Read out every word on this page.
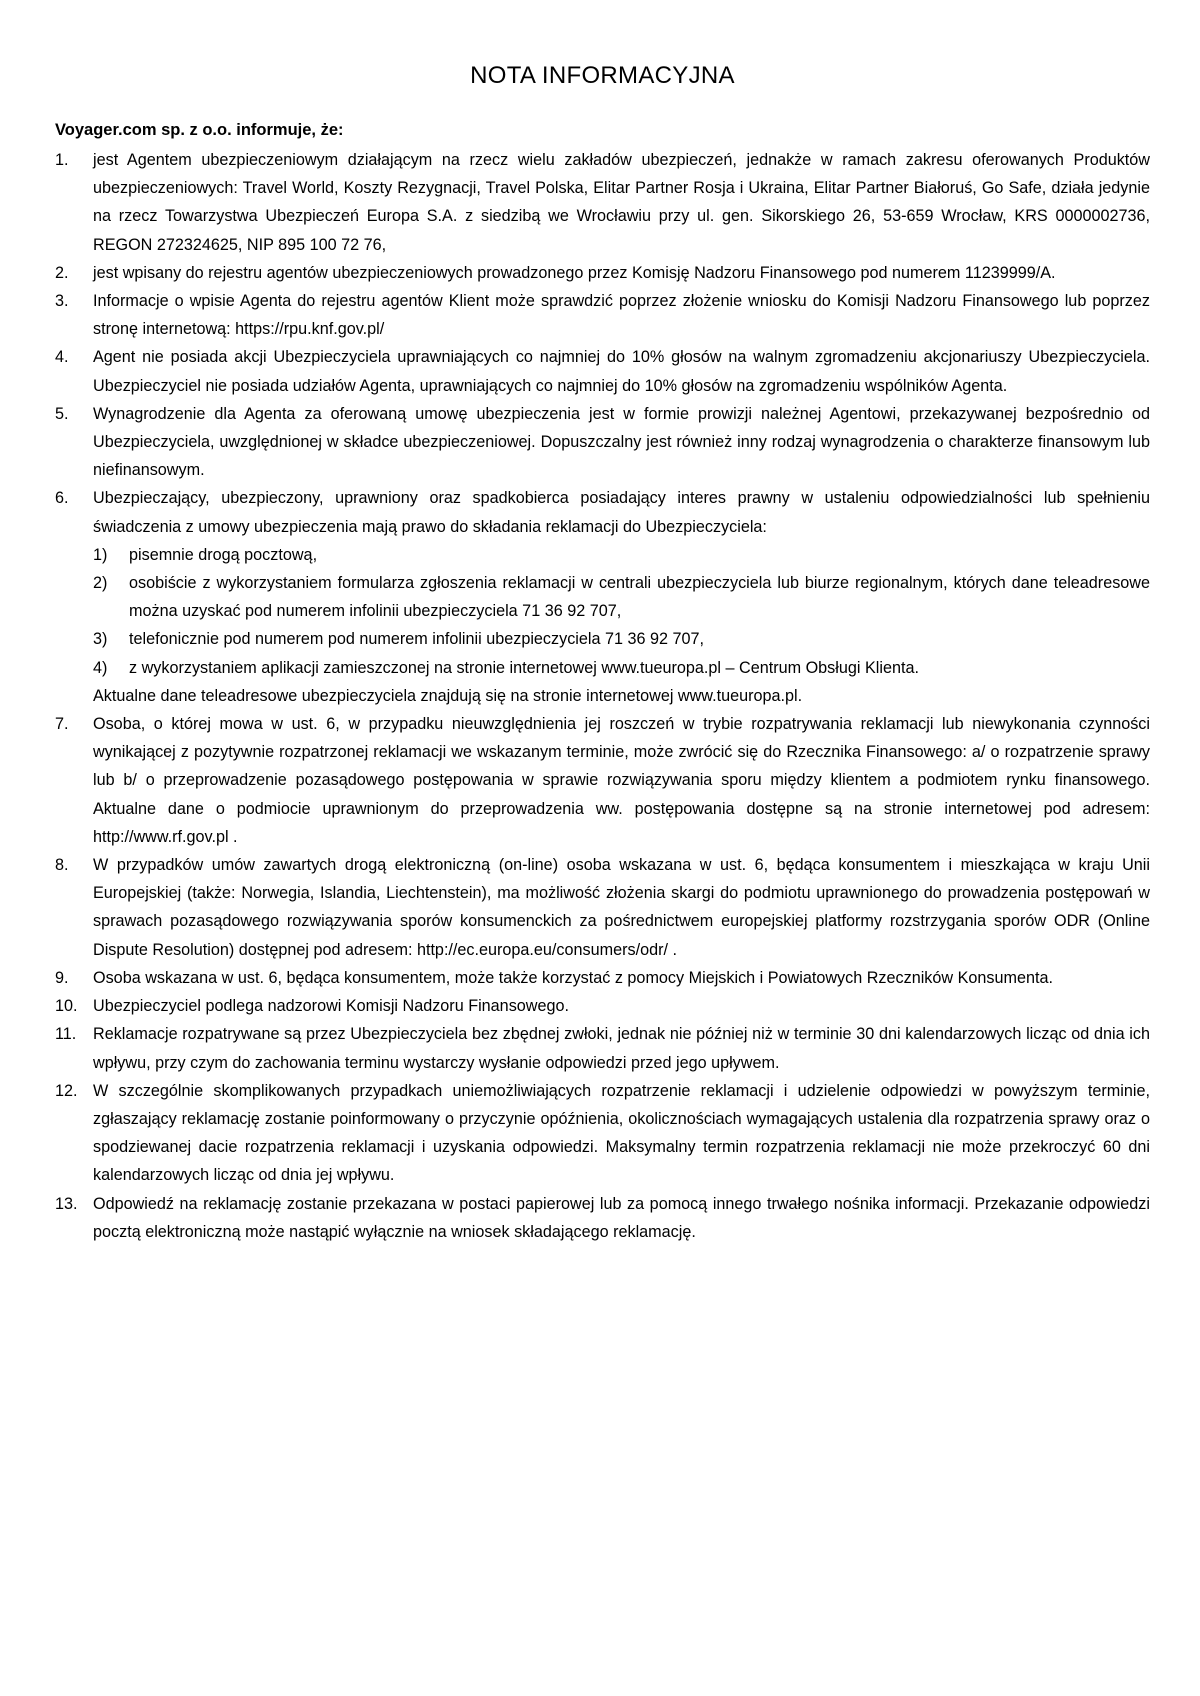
NOTA INFORMACYJNA
Voyager.com sp. z o.o. informuje, że:
1.	jest Agentem ubezpieczeniowym działającym na rzecz wielu zakładów ubezpieczeń, jednakże w ramach zakresu oferowanych Produktów ubezpieczeniowych: Travel World, Koszty Rezygnacji, Travel Polska, Elitar Partner Rosja i Ukraina, Elitar Partner Białoruś, Go Safe, działa jedynie na rzecz Towarzystwa Ubezpieczeń Europa S.A. z siedzibą we Wrocławiu przy ul. gen. Sikorskiego 26, 53-659 Wrocław, KRS 0000002736, REGON 272324625, NIP 895 100 72 76,

2.	jest wpisany do rejestru agentów ubezpieczeniowych prowadzonego przez Komisję Nadzoru Finansowego pod numerem 11239999/A.

3.	Informacje o wpisie Agenta do rejestru agentów Klient może sprawdzić poprzez złożenie wniosku do Komisji Nadzoru Finansowego lub poprzez stronę internetową: https://rpu.knf.gov.pl/

4.	Agent nie posiada akcji Ubezpieczyciela uprawniających co najmniej do 10% głosów na walnym zgromadzeniu akcjonariuszy Ubezpieczyciela. Ubezpieczyciel nie posiada udziałów Agenta, uprawniających co najmniej do 10% głosów na zgromadzeniu wspólników Agenta.

5.	Wynagrodzenie dla Agenta za oferowaną umowę ubezpieczenia jest w formie prowizji należnej Agentowi, przekazywanej bezpośrednio od Ubezpieczyciela, uwzględnionej w składce ubezpieczeniowej. Dopuszczalny jest również inny rodzaj wynagrodzenia o charakterze finansowym lub niefinansowym.

6.	Ubezpieczający, ubezpieczony, uprawniony oraz spadkobierca posiadający interes prawny w ustaleniu odpowiedzialności lub spełnieniu świadczenia z umowy ubezpieczenia mają prawo do składania reklamacji do Ubezpieczyciela:

1)	pisemnie drogą pocztową,
2)	osobiście z wykorzystaniem formularza zgłoszenia reklamacji w centrali ubezpieczyciela lub biurze regionalnym, których dane teleadresowe można uzyskać pod numerem infolinii ubezpieczyciela 71 36 92 707,
3)	telefonicznie pod numerem pod numerem infolinii ubezpieczyciela 71 36 92 707,
4)	z wykorzystaniem aplikacji zamieszczonej na stronie internetowej www.tueuropa.pl – Centrum Obsługi Klienta.

Aktualne dane teleadresowe ubezpieczyciela znajdują się na stronie internetowej www.tueuropa.pl.

7.	Osoba, o której mowa w ust. 6, w przypadku nieuwzględnienia jej roszczeń w trybie rozpatrywania reklamacji lub niewykonania czynności wynikającej z pozytywnie rozpatrzonej reklamacji we wskazanym terminie, może zwrócić się do Rzecznika Finansowego: a/ o rozpatrzenie sprawy lub b/ o przeprowadzenie pozasądowego postępowania w sprawie rozwiązywania sporu między klientem a podmiotem rynku finansowego. Aktualne dane o podmiocie uprawnionym do przeprowadzenia ww. postępowania dostępne są na stronie internetowej pod adresem: http://www.rf.gov.pl .

8.	W przypadków umów zawartych drogą elektroniczną (on-line) osoba wskazana w ust. 6, będąca konsumentem i mieszkająca w kraju Unii Europejskiej (także: Norwegia, Islandia, Liechtenstein), ma możliwość złożenia skargi do podmiotu uprawnionego do prowadzenia postępowań w sprawach pozasądowego rozwiązywania sporów konsumenckich za pośrednictwem europejskiej platformy rozstrzygania sporów ODR (Online Dispute Resolution) dostępnej pod adresem: http://ec.europa.eu/consumers/odr/ .

9.	Osoba wskazana w ust. 6, będąca konsumentem, może także korzystać z pomocy Miejskich i Powiatowych Rzeczników Konsumenta.

10. Ubezpieczyciel podlega nadzorowi Komisji Nadzoru Finansowego.

11.	Reklamacje rozpatrywane są przez Ubezpieczyciela bez zbędnej zwłoki, jednak nie później niż w terminie 30 dni kalendarzowych licząc od dnia ich wpływu, przy czym do zachowania terminu wystarczy wysłanie odpowiedzi przed jego upływem.

12. W szczególnie skomplikowanych przypadkach uniemożliwiających rozpatrzenie reklamacji i udzielenie odpowiedzi w powyższym terminie, zgłaszający reklamację zostanie poinformowany o przyczynie opóźnienia, okolicznościach wymagających ustalenia dla rozpatrzenia sprawy oraz o spodziewanej dacie rozpatrzenia reklamacji i uzyskania odpowiedzi. Maksymalny termin rozpatrzenia reklamacji nie może przekroczyć 60 dni kalendarzowych licząc od dnia jej wpływu.

13. Odpowiedź na reklamację zostanie przekazana w postaci papierowej lub za pomocą innego trwałego nośnika informacji. Przekazanie odpowiedzi pocztą elektroniczną może nastąpić wyłącznie na wniosek składającego reklamację.
